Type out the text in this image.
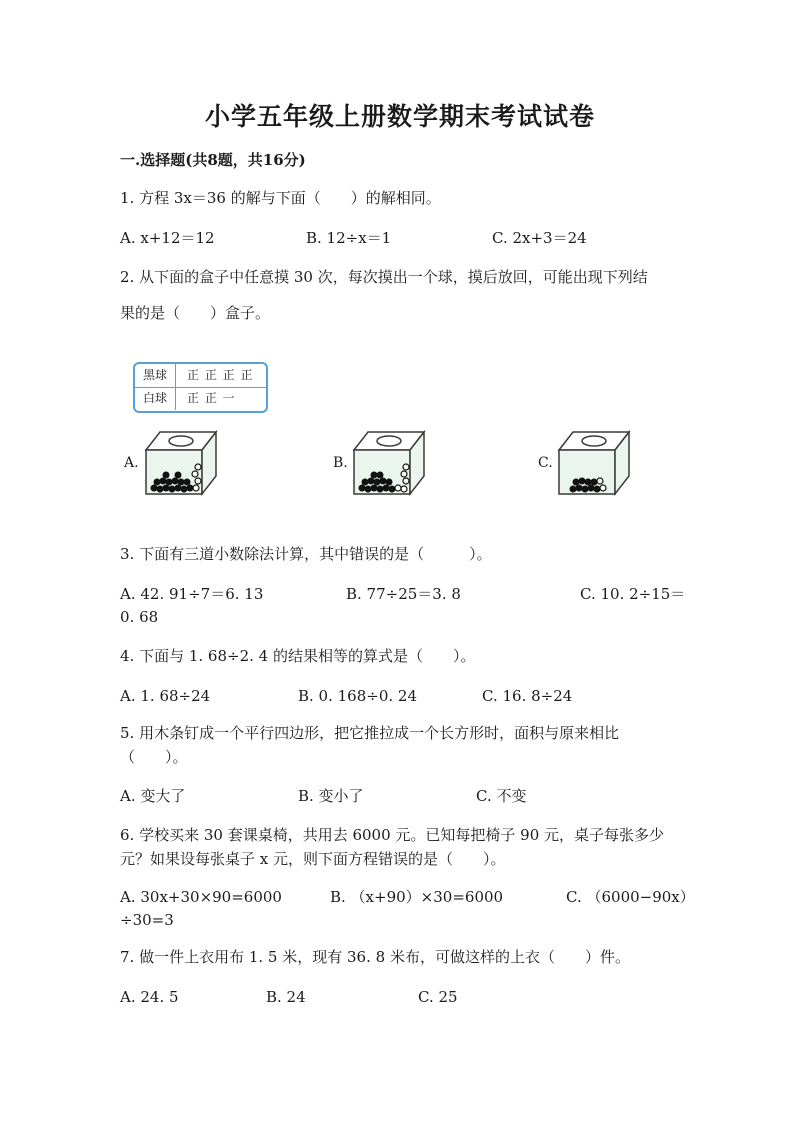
小学五年级上册数学期末考试试卷
一.选择题(共8题，共16分)
1. 方程 3x＝36 的解与下面（　　）的解相同。
A. x+12＝12	B. 12÷x＝1	C. 2x+3＝24
2. 从下面的盒子中任意摸 30 次，每次摸出一个球，摸后放回，可能出现下列结
果的是（　　）盒子。
黑球	正 正 正 正
白球	正 正 一
A.	B.	C.
3. 下面有三道小数除法计算，其中错误的是（　　　）。
A. 42. 91÷7＝6. 13	B. 77÷25＝3. 8	C. 10. 2÷15＝
0. 68
4. 下面与 1. 68÷2. 4 的结果相等的算式是（　　）。
A. 1. 68÷24	B. 0. 168÷0. 24	C. 16. 8÷24
5. 用木条钉成一个平行四边形，把它推拉成一个长方形时，面积与原来相比
（　　）。
A. 变大了	B. 变小了	C. 不变
6. 学校买来 30 套课桌椅，共用去 6000 元。已知每把椅子 90 元，桌子每张多少
元？如果设每张桌子 x 元，则下面方程错误的是（　　）。
A. 30x+30×90=6000	B. （x+90）×30=6000	C. （6000−90x）
÷30=3
7. 做一件上衣用布 1. 5 米，现有 36. 8 米布，可做这样的上衣（　　）件。
A. 24. 5	B. 24	C. 25
